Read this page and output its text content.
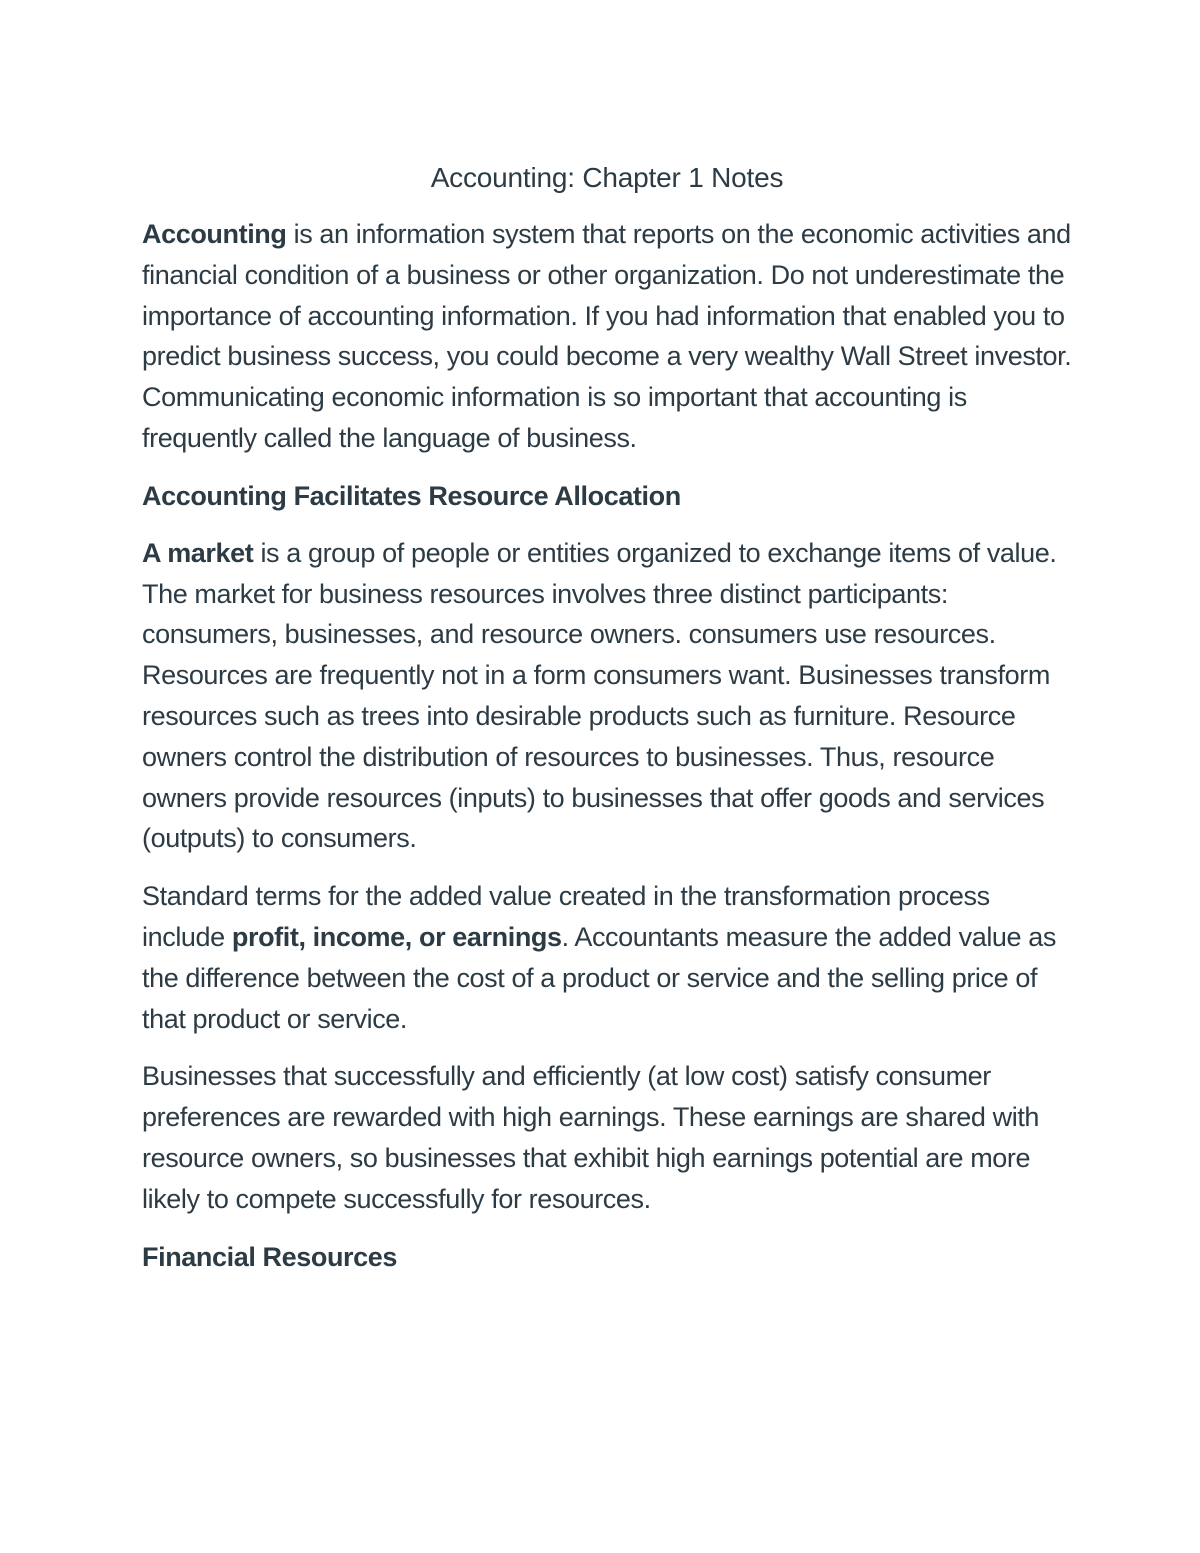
Accounting: Chapter 1 Notes

Accounting is an information system that reports on the economic activities and financial condition of a business or other organization. Do not underestimate the importance of accounting information. If you had information that enabled you to predict business success, you could become a very wealthy Wall Street investor. Communicating economic information is so important that accounting is frequently called the language of business.

Accounting Facilitates Resource Allocation

A market is a group of people or entities organized to exchange items of value. The market for business resources involves three distinct participants: consumers, businesses, and resource owners. consumers use resources. Resources are frequently not in a form consumers want. Businesses transform resources such as trees into desirable products such as furniture. Resource owners control the distribution of resources to businesses. Thus, resource owners provide resources (inputs) to businesses that offer goods and services (outputs) to consumers.

Standard terms for the added value created in the transformation process include profit, income, or earnings. Accountants measure the added value as the difference between the cost of a product or service and the selling price of that product or service.

Businesses that successfully and efficiently (at low cost) satisfy consumer preferences are rewarded with high earnings. These earnings are shared with resource owners, so businesses that exhibit high earnings potential are more likely to compete successfully for resources.

Financial Resources
